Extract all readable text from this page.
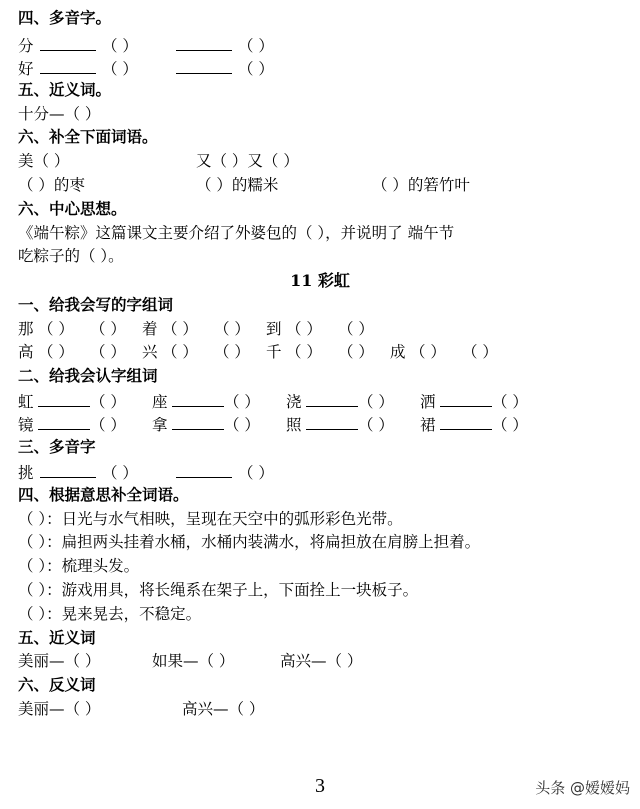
四、多音字。
分	（ ）	（ ）
好	（ ）	（ ）
五、近义词。
十分—（ ）
六、补全下面词语。
美（ ）	又（ ）又（ ）
（ ）的枣	（ ）的糯米	（ ）的箬竹叶
六、中心思想。
《端午粽》这篇课文主要介绍了外婆包的（ ），并说明了 端午节
吃粽子的（ ）。
11 彩虹
一、给我会写的字组词
那 （ ） （ ） 着 （ ） （ ） 到 （ ） （ ）
高 （ ） （ ） 兴 （ ） （ ） 千 （ ） （ ） 成 （ ） （ ）
二、给我会认字组词
虹	（ ） 座	（ ） 浇	（ ） 洒	（ ）
镜	（ ） 拿	（ ） 照	（ ） 裙	（ ）
三、多音字
挑	（ ）	（ ）
四、根据意思补全词语。
（ ）：日光与水气相映，呈现在天空中的弧形彩色光带。
（ ）：扁担两头挂着水桶，水桶内装满水，将扁担放在肩膀上担着。
（ ）：梳理头发。
（ ）：游戏用具，将长绳系在架子上，下面拴上一块板子。
（ ）：晃来晃去，不稳定。
五、近义词
美丽—（ ）	如果—（ ）	高兴—（ ）
六、反义词
美丽—（ ）	高兴—（ ）
3	头条 @嫒嫒妈
